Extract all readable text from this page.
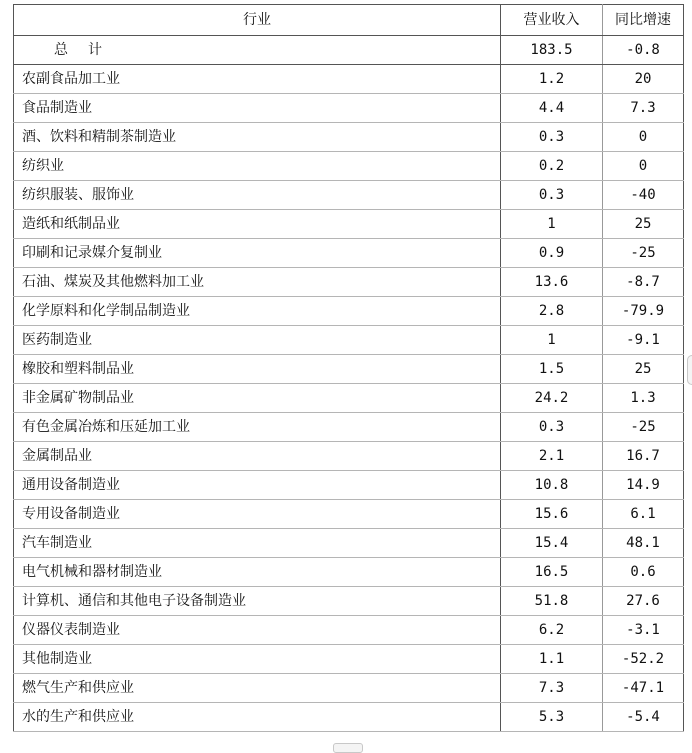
行业	营业收入	同比增速
总计	183.5	-0.8
农副食品加工业	1.2	20
食品制造业	4.4	7.3
酒、饮料和精制茶制造业	0.3	0
纺织业	0.2	0
纺织服装、服饰业	0.3	-40
造纸和纸制品业	1	25
印刷和记录媒介复制业	0.9	-25
石油、煤炭及其他燃料加工业	13.6	-8.7
化学原料和化学制品制造业	2.8	-79.9
医药制造业	1	-9.1
橡胶和塑料制品业	1.5	25
非金属矿物制品业	24.2	1.3
有色金属冶炼和压延加工业	0.3	-25
金属制品业	2.1	16.7
通用设备制造业	10.8	14.9
专用设备制造业	15.6	6.1
汽车制造业	15.4	48.1
电气机械和器材制造业	16.5	0.6
计算机、通信和其他电子设备制造业	51.8	27.6
仪器仪表制造业	6.2	-3.1
其他制造业	1.1	-52.2
燃气生产和供应业	7.3	-47.1
水的生产和供应业	5.3	-5.4
